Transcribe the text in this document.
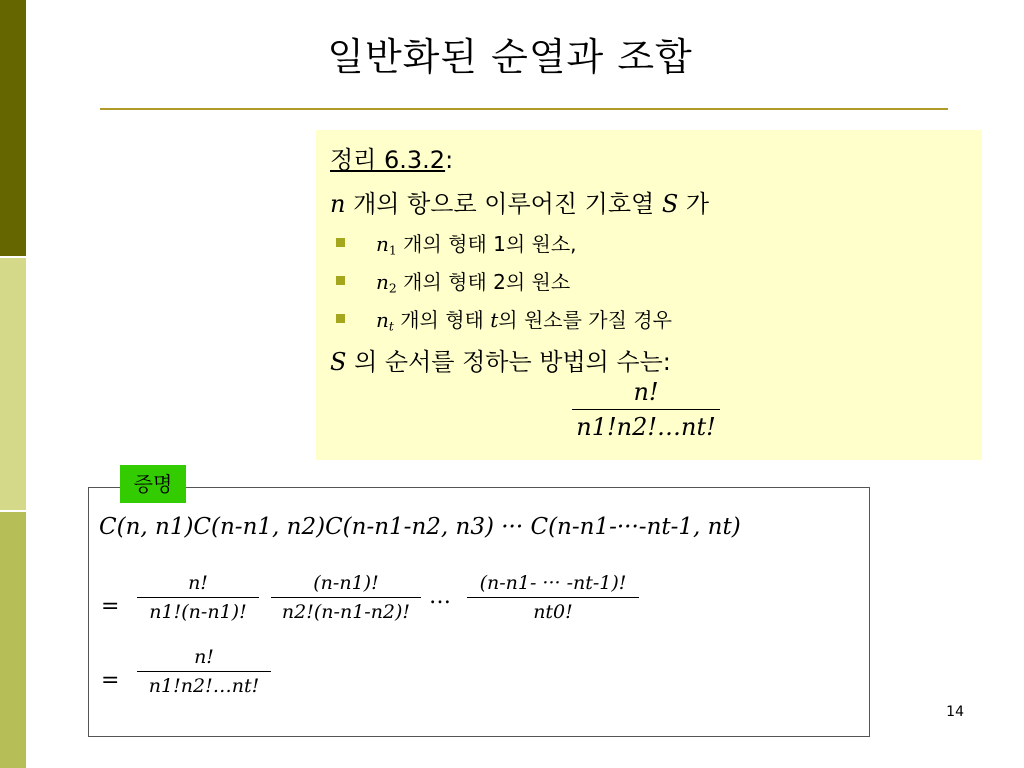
일반화된 순열과 조합
정리 6.3.2:
n 개의 항으로 이루어진 기호열 S 가
$n_1$ 개의 형태 1의 원소,
$n_2$ 개의 형태 2의 원소
$n_t$ 개의 형태 t의 원소를 가질 경우
S 의 순서를 정하는 방법의 수는:
n!
n1!n2!…nt!
C(n, n1)C(n-n1, n2)C(n-n1-n2, n3) ··· C(n-n1-···-nt-1, nt)
=
n!
n1!(n-n1)!
(n-n1)!
n2!(n-n1-n2)!
…
(n-n1- ··· -nt-1)!
nt0!
=
n!
n1!n2!…nt!
증명
14
